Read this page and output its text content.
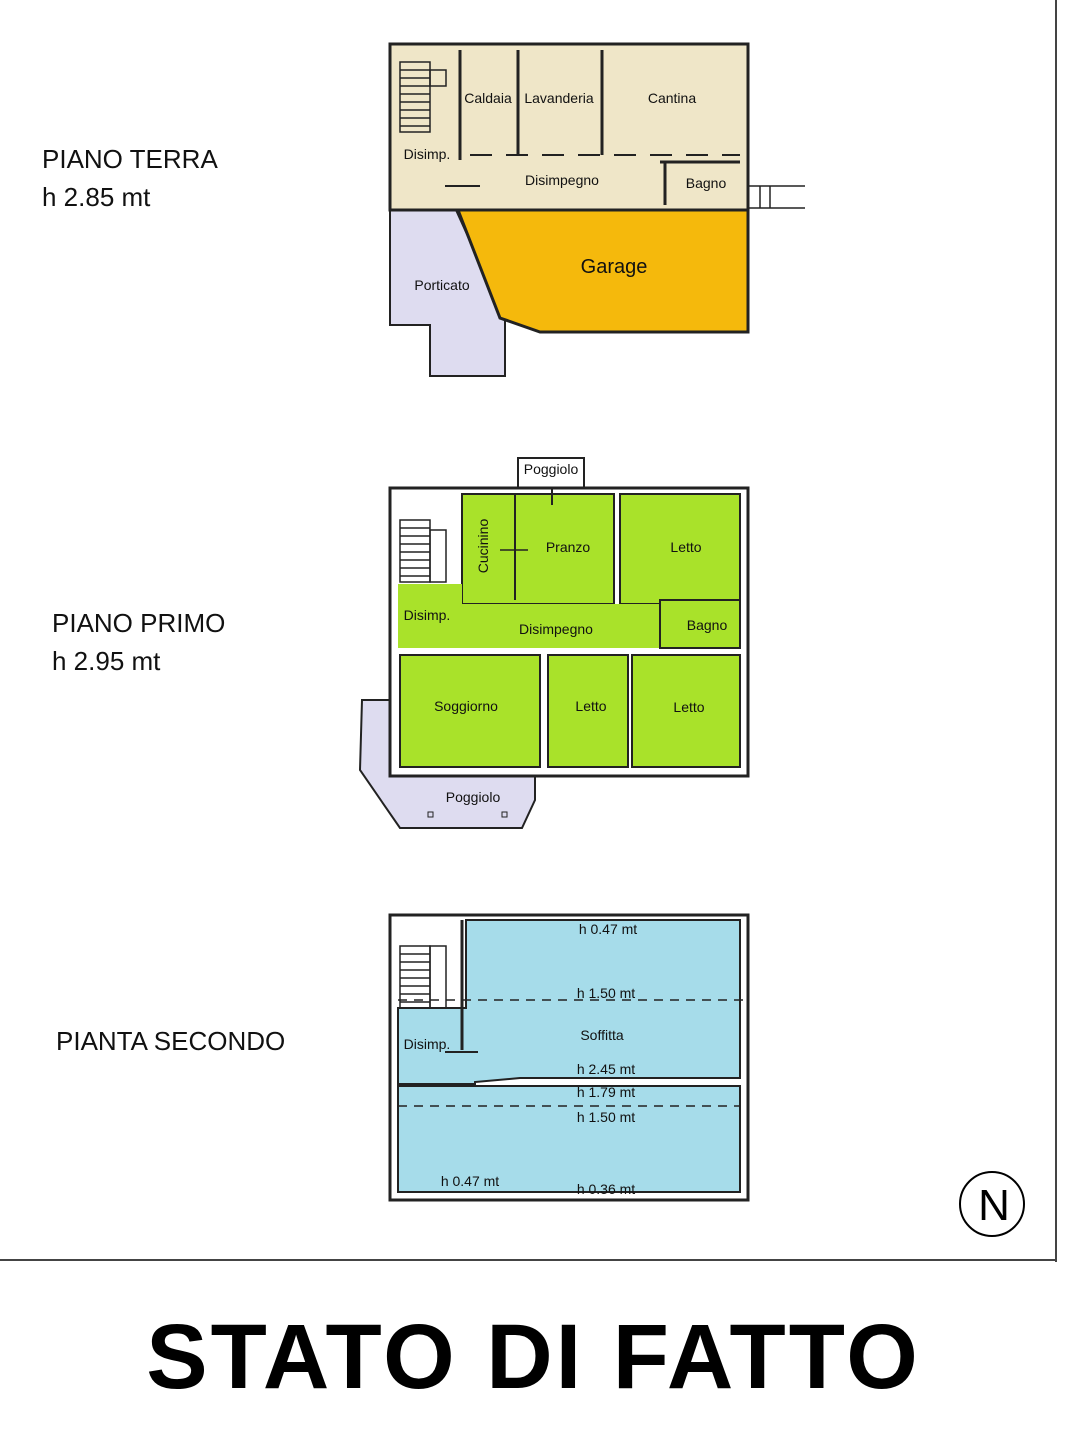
PIANO TERRA
h 2.85 mt
PIANO PRIMO
h 2.95 mt
PIANTA SECONDO
Caldaia Lavanderia	Cantina
Disimp.
Disimpegno	Bagno
Garage
Porticato
Poggiolo
Cucinino	Pranzo	Letto
Disimp.
Disimpegno	Bagno
Soggiorno	Letto	Letto
Poggiolo
h 0.47 mt
h 1.50 mt
Soffitta
Disimp.
h 2.45 mt
h 1.79 mt
h 1.50 mt
h 0.47 mt	h 0.36 mt	N
STATO DI FATTO
